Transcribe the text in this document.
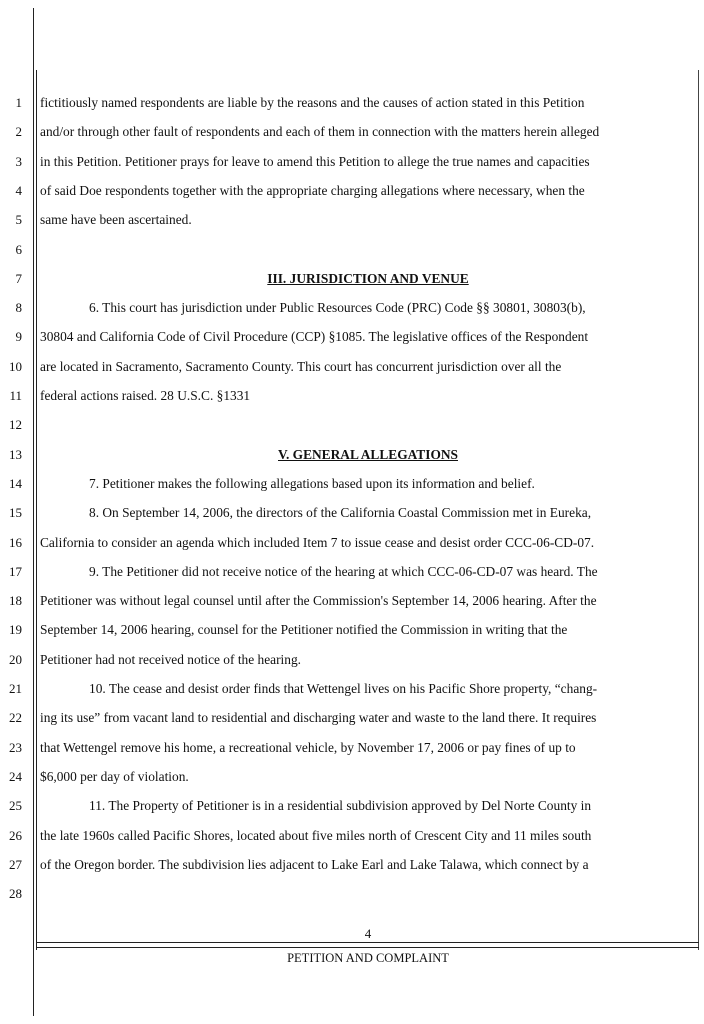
1
2
3
4
5
6
7
8
9
10
11
12
13
14
15
16
17
18
19
20
21
22
23
24
25
26
27
28
fictitiously named respondents are liable by the reasons and the causes of action stated in this Petition
and/or through other fault of respondents and each of them in connection with the matters herein alleged
in this Petition. Petitioner prays for leave to amend this Petition to allege the true names and capacities
of said Doe respondents together with the appropriate charging allegations where necessary, when the
same have been ascertained.
III. JURISDICTION AND VENUE
6. This court has jurisdiction under Public Resources Code (PRC) Code §§ 30801, 30803(b),
30804 and California Code of Civil Procedure (CCP) §1085. The legislative offices of the Respondent
are located in Sacramento, Sacramento County. This court has concurrent jurisdiction over all the
federal actions raised. 28 U.S.C. §1331
V. GENERAL ALLEGATIONS
7. Petitioner makes the following allegations based upon its information and belief.
8. On September 14, 2006, the directors of the California Coastal Commission met in Eureka,
California to consider an agenda which included Item 7 to issue cease and desist order CCC-06-CD-07.
9. The Petitioner did not receive notice of the hearing at which CCC-06-CD-07 was heard. The
Petitioner was without legal counsel until after the Commission's September 14, 2006 hearing. After the
September 14, 2006 hearing, counsel for the Petitioner notified the Commission in writing that the
Petitioner had not received notice of the hearing.
10. The cease and desist order finds that Wettengel lives on his Pacific Shore property, “chang-
ing its use” from vacant land to residential and discharging water and waste to the land there. It requires
that Wettengel remove his home, a recreational vehicle, by November 17, 2006 or pay fines of up to
$6,000 per day of violation.
11. The Property of Petitioner is in a residential subdivision approved by Del Norte County in
the late 1960s called Pacific Shores, located about five miles north of Crescent City and 11 miles south
of the Oregon border. The subdivision lies adjacent to Lake Earl and Lake Talawa, which connect by a
4
PETITION AND COMPLAINT
